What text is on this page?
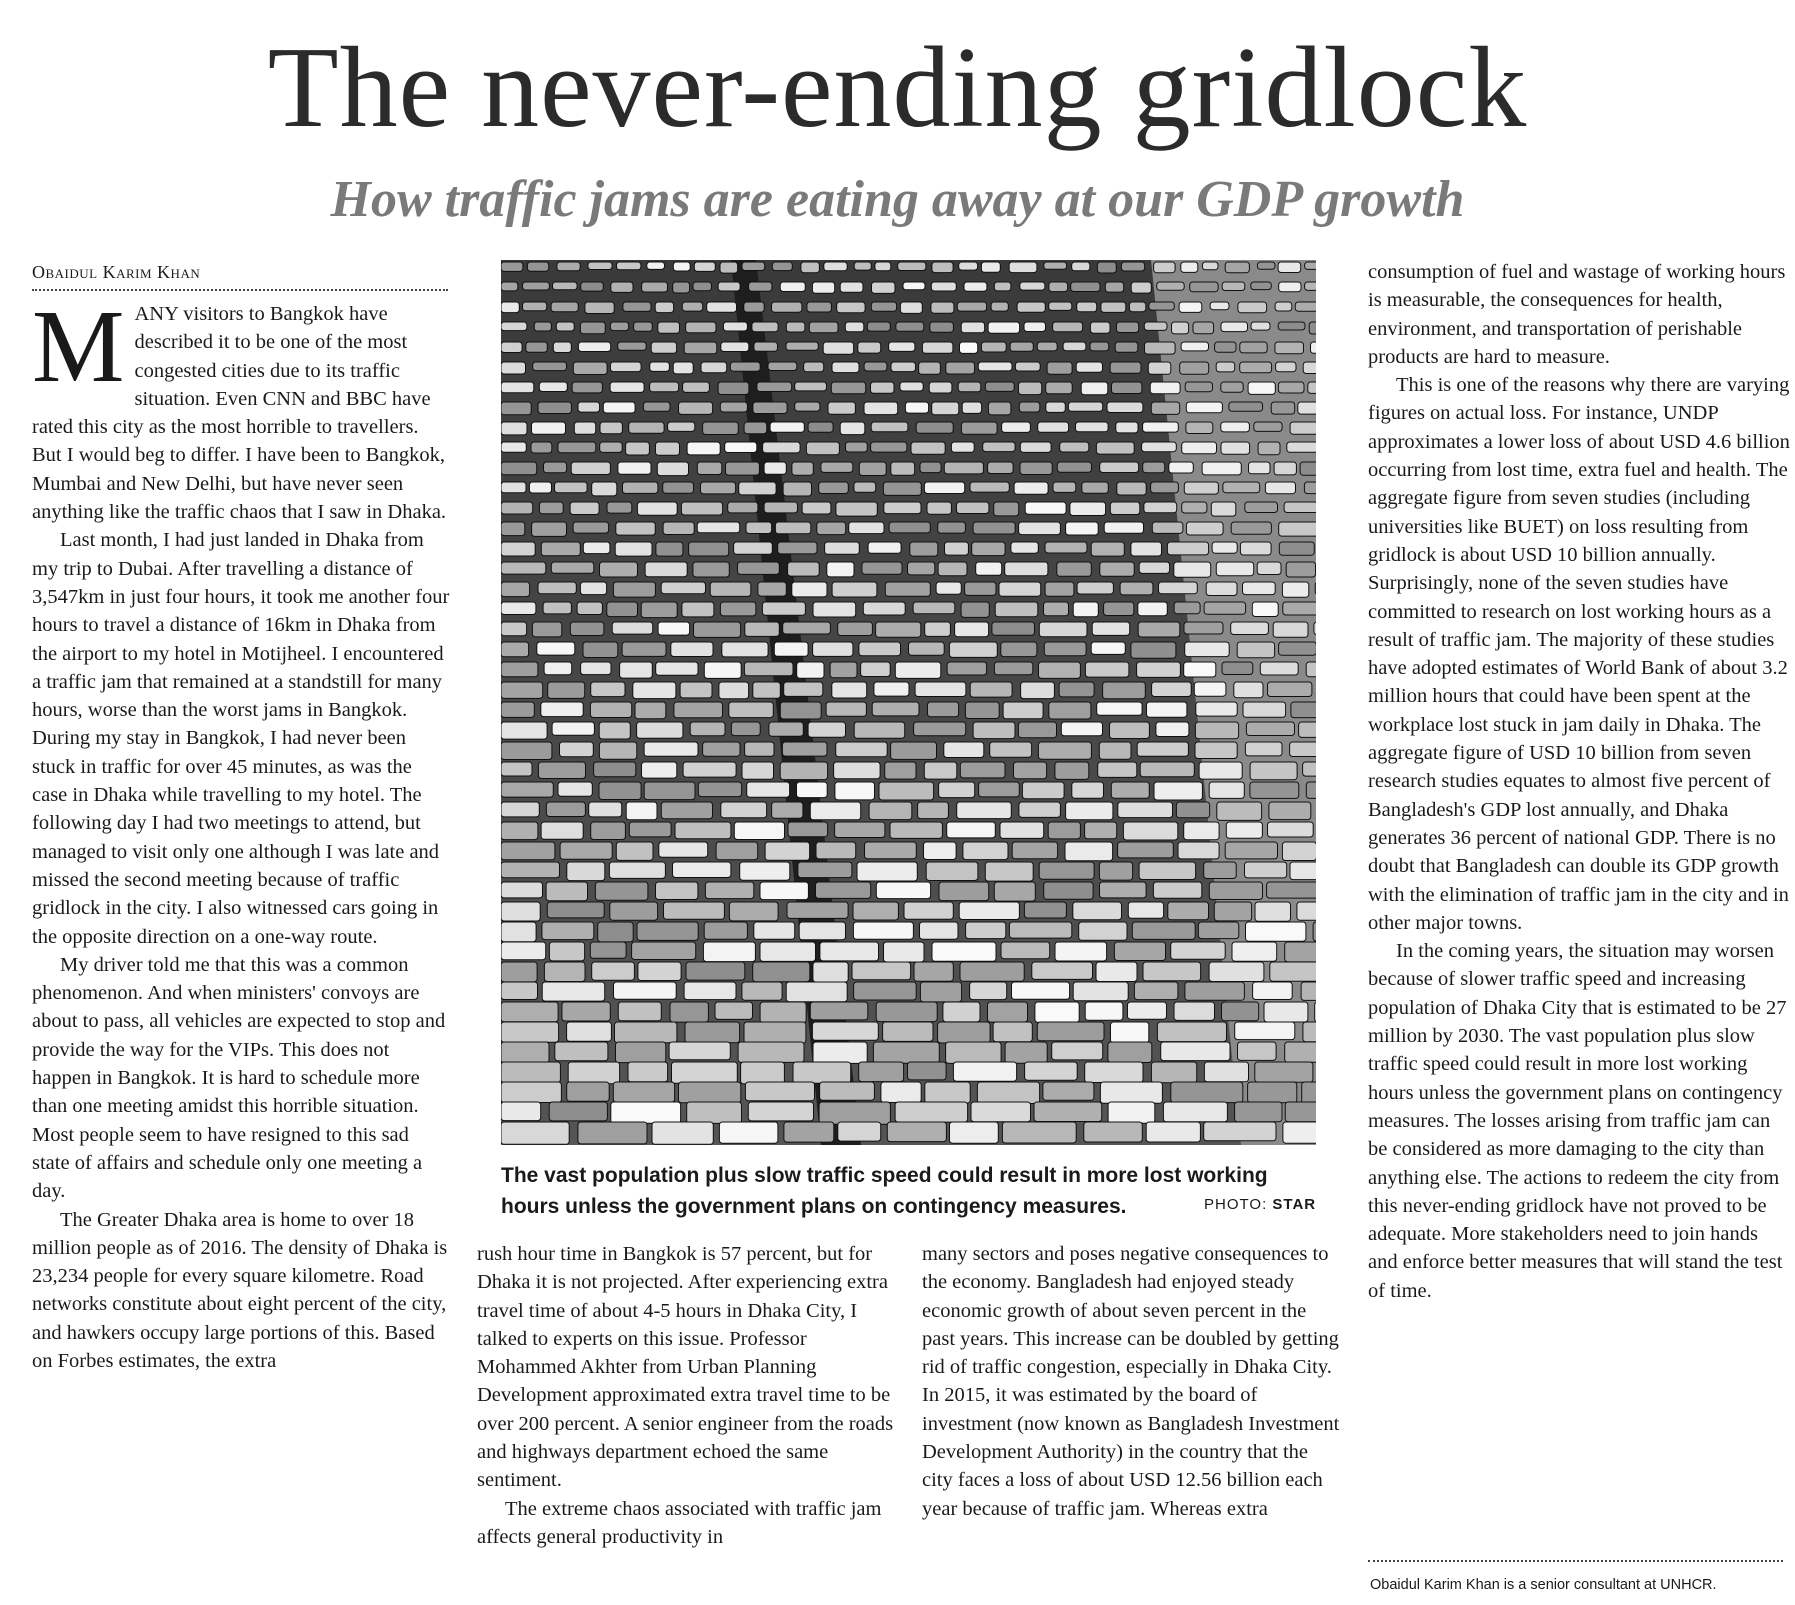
The never-ending gridlock
How traffic jams are eating away at our GDP growth
Obaidul Karim Khan

MANY visitors to Bangkok have described it to be one of the most congested cities due to its traffic situation. Even CNN and BBC have rated this city as the most horrible to travellers. But I would beg to differ. I have been to Bangkok, Mumbai and New Delhi, but have never seen anything like the traffic chaos that I saw in Dhaka.

Last month, I had just landed in Dhaka from my trip to Dubai. After travelling a distance of 3,547km in just four hours, it took me another four hours to travel a distance of 16km in Dhaka from the airport to my hotel in Motijheel. I encountered a traffic jam that remained at a standstill for many hours, worse than the worst jams in Bangkok. During my stay in Bangkok, I had never been stuck in traffic for over 45 minutes, as was the case in Dhaka while travelling to my hotel. The following day I had two meetings to attend, but managed to visit only one although I was late and missed the second meeting because of traffic gridlock in the city. I also witnessed cars going in the opposite direction on a one-way route.

My driver told me that this was a common phenomenon. And when ministers' convoys are about to pass, all vehicles are expected to stop and provide the way for the VIPs. This does not happen in Bangkok. It is hard to schedule more than one meeting amidst this horrible situation. Most people seem to have resigned to this sad state of affairs and schedule only one meeting a day.

The Greater Dhaka area is home to over 18 million people as of 2016. The density of Dhaka is 23,234 people for every square kilometre. Road networks constitute about eight percent of the city, and hawkers occupy large portions of this. Based on Forbes estimates, the extra

The vast population plus slow traffic speed could result in more lost working hours unless the government plans on contingency measures.	PHOTO: STAR

rush hour time in Bangkok is 57 percent, but for Dhaka it is not projected. After experiencing extra travel time of about 4-5 hours in Dhaka City, I talked to experts on this issue. Professor Mohammed Akhter from Urban Planning Development approximated extra travel time to be over 200 percent. A senior engineer from the roads and highways department echoed the same sentiment.

The extreme chaos associated with traffic jam affects general productivity in

many sectors and poses negative consequences to the economy. Bangladesh had enjoyed steady economic growth of about seven percent in the past years. This increase can be doubled by getting rid of traffic congestion, especially in Dhaka City. In 2015, it was estimated by the board of investment (now known as Bangladesh Investment Development Authority) in the country that the city faces a loss of about USD 12.56 billion each year because of traffic jam. Whereas extra

consumption of fuel and wastage of working hours is measurable, the consequences for health, environment, and transportation of perishable products are hard to measure.

This is one of the reasons why there are varying figures on actual loss. For instance, UNDP approximates a lower loss of about USD 4.6 billion occurring from lost time, extra fuel and health. The aggregate figure from seven studies (including universities like BUET) on loss resulting from gridlock is about USD 10 billion annually. Surprisingly, none of the seven studies have committed to research on lost working hours as a result of traffic jam. The majority of these studies have adopted estimates of World Bank of about 3.2 million hours that could have been spent at the workplace lost stuck in jam daily in Dhaka. The aggregate figure of USD 10 billion from seven research studies equates to almost five percent of Bangladesh's GDP lost annually, and Dhaka generates 36 percent of national GDP. There is no doubt that Bangladesh can double its GDP growth with the elimination of traffic jam in the city and in other major towns.

In the coming years, the situation may worsen because of slower traffic speed and increasing population of Dhaka City that is estimated to be 27 million by 2030. The vast population plus slow traffic speed could result in more lost working hours unless the government plans on contingency measures. The losses arising from traffic jam can be considered as more damaging to the city than anything else. The actions to redeem the city from this never-ending gridlock have not proved to be adequate. More stakeholders need to join hands and enforce better measures that will stand the test of time.

Obaidul Karim Khan is a senior consultant at UNHCR.
